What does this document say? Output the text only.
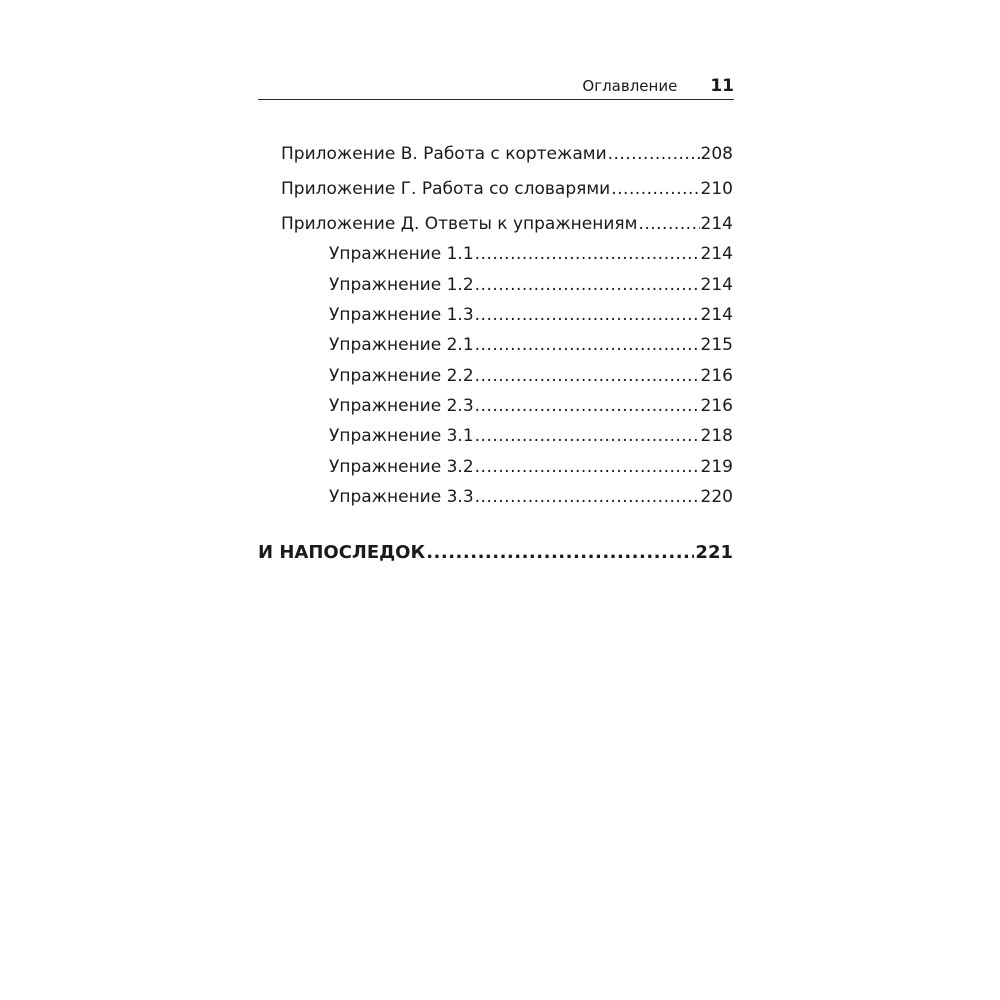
Оглавление 11
Приложение В. Работа с кортежами .....	208
Приложение Г. Работа со словарями .....	210
Приложение Д. Ответы к упражнениям .....	214
Упражнение 1.1 .....	214
Упражнение 1.2 .....	214
Упражнение 1.3 .....	214
Упражнение 2.1 .....	215
Упражнение 2.2 .....	216
Упражнение 2.3 .....	216
Упражнение 3.1 .....	218
Упражнение 3.2 .....	219
Упражнение 3.3 .....	220
И НАПОСЛЕДОК .....	221
